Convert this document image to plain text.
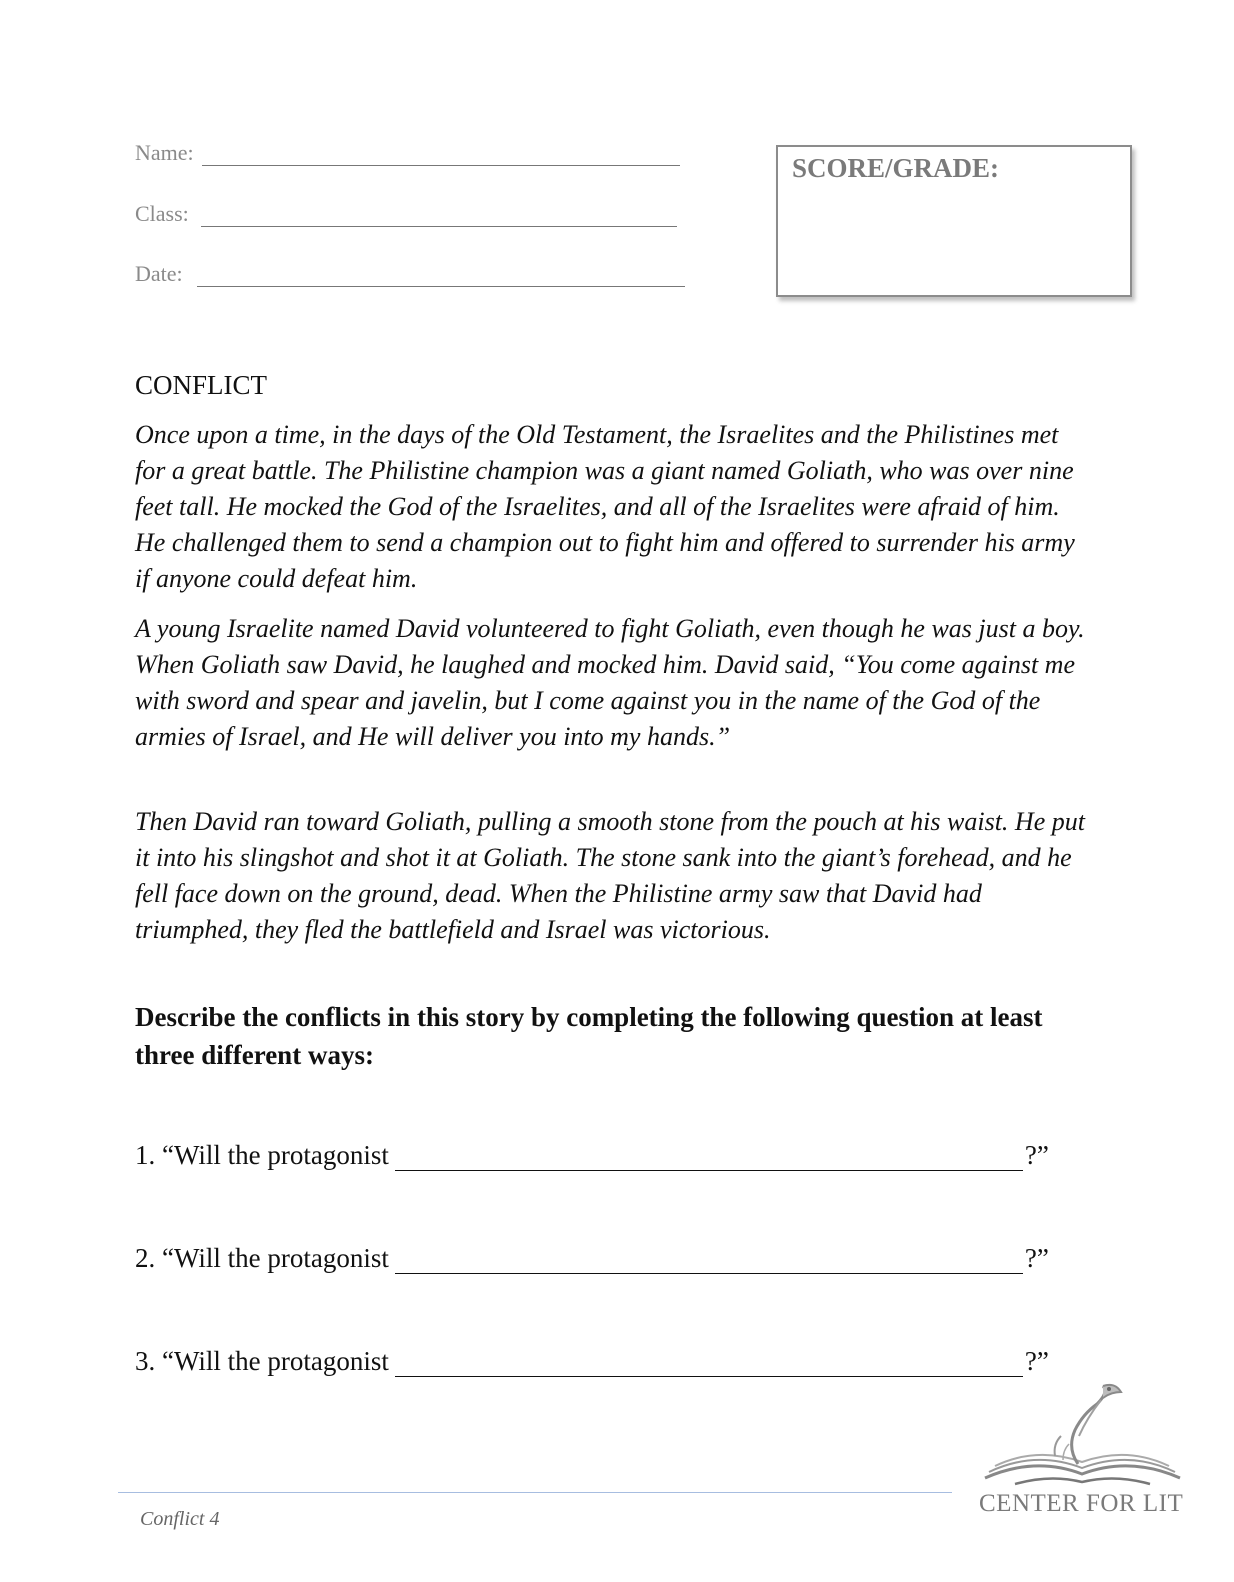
Name:
Class:
Date:
SCORE/GRADE:
CONFLICT

Once upon a time, in the days of the Old Testament, the Israelites and the Philistines met for a great battle. The Philistine champion was a giant named Goliath, who was over nine feet tall. He mocked the God of the Israelites, and all of the Israelites were afraid of him. He challenged them to send a champion out to fight him and offered to surrender his army if anyone could defeat him.

A young Israelite named David volunteered to fight Goliath, even though he was just a boy. When Goliath saw David, he laughed and mocked him. David said, “You come against me with sword and spear and javelin, but I come against you in the name of the God of the armies of Israel, and He will deliver you into my hands.”

Then David ran toward Goliath, pulling a smooth stone from the pouch at his waist. He put it into his slingshot and shot it at Goliath. The stone sank into the giant’s forehead, and he fell face down on the ground, dead. When the Philistine army saw that David had triumphed, they fled the battlefield and Israel was victorious.

Describe the conflicts in this story by completing the following question at least three different ways:

1. “Will the protagonist	?”
2. “Will the protagonist	?”
3. “Will the protagonist	?”
Conflict 4
CENTER FOR LIT
